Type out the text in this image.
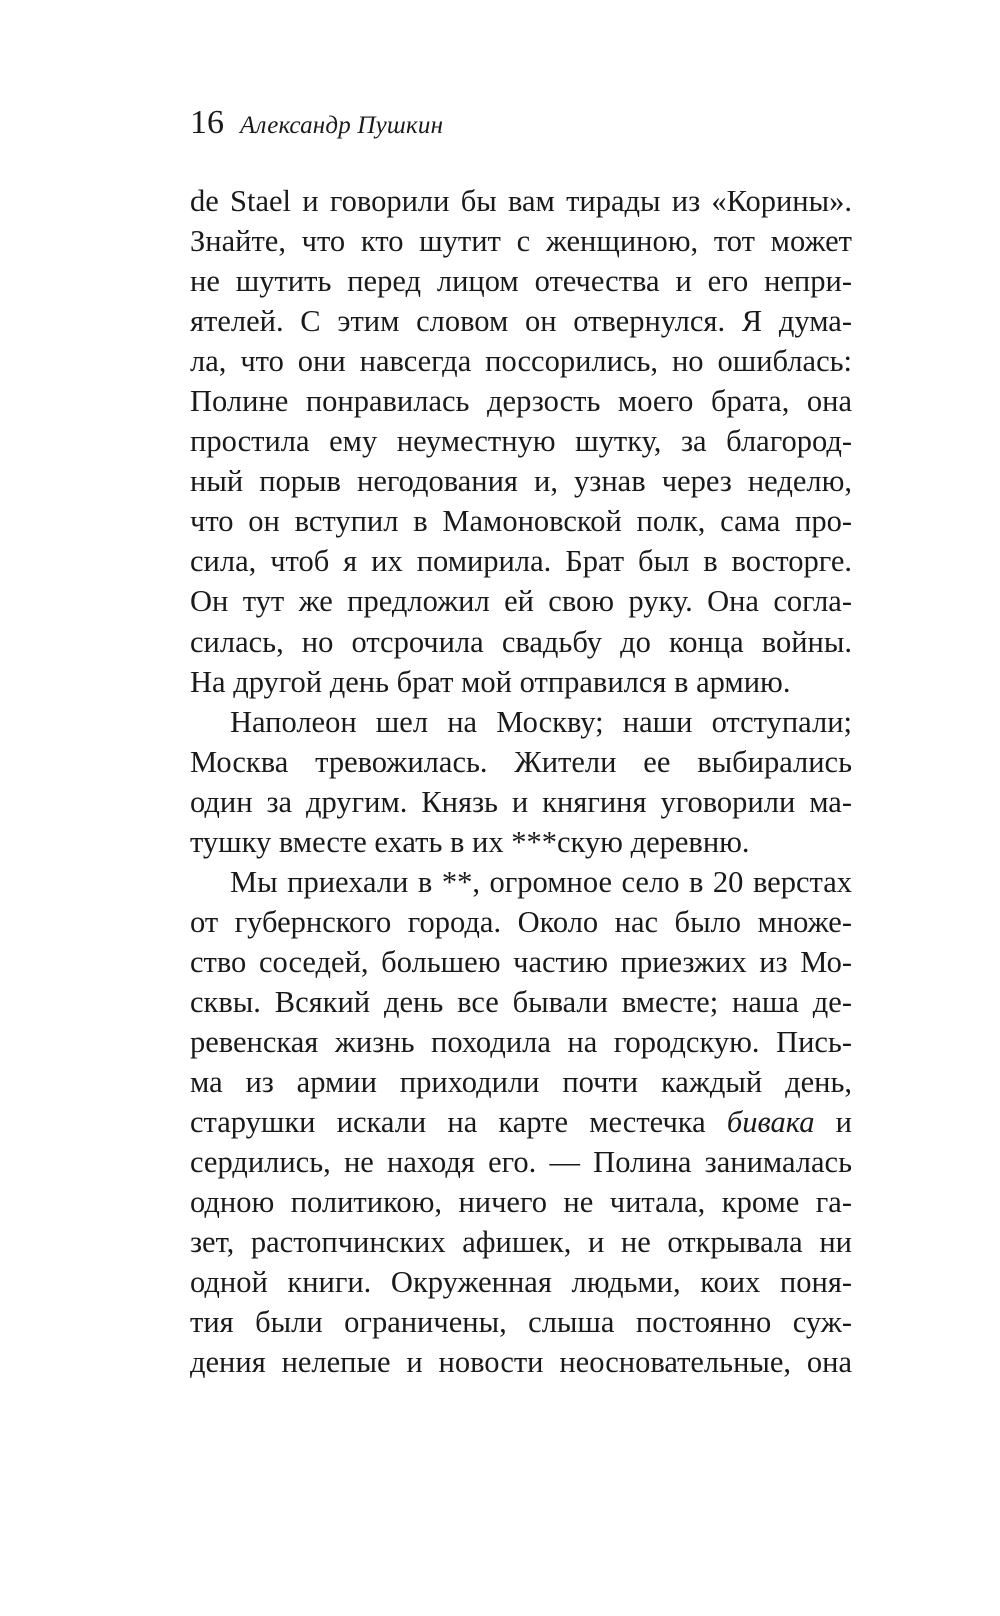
16 Александр Пушкин
de Stael и говорили бы вам тирады из «Корины».
Знайте, что кто шутит с женщиною, тот может
не шутить перед лицом отечества и его непри-
ятелей. С этим словом он отвернулся. Я дума-
ла, что они навсегда поссорились, но ошиблась:
Полине понравилась дерзость моего брата, она
простила ему неуместную шутку, за благород-
ный порыв негодования и, узнав через неделю,
что он вступил в Мамоновской полк, сама про-
сила, чтоб я их помирила. Брат был в восторге.
Он тут же предложил ей свою руку. Она согла-
силась, но отсрочила свадьбу до конца войны.
На другой день брат мой отправился в армию.
Наполеон шел на Москву; наши отступали;
Москва тревожилась. Жители ее выбирались
один за другим. Князь и княгиня уговорили ма-
тушку вместе ехать в их ***скую деревню.
Мы приехали в **, огромное село в 20 верстах
от губернского города. Около нас было множе-
ство соседей, большею частию приезжих из Мо-
сквы. Всякий день все бывали вместе; наша де-
ревенская жизнь походила на городскую. Пись-
ма из армии приходили почти каждый день,
старушки искали на карте местечка бивака и
сердились, не находя его. — Полина занималась
одною политикою, ничего не читала, кроме га-
зет, растопчинских афишек, и не открывала ни
одной книги. Окруженная людьми, коих поня-
тия были ограничены, слыша постоянно суж-
дения нелепые и новости неосновательные, она
